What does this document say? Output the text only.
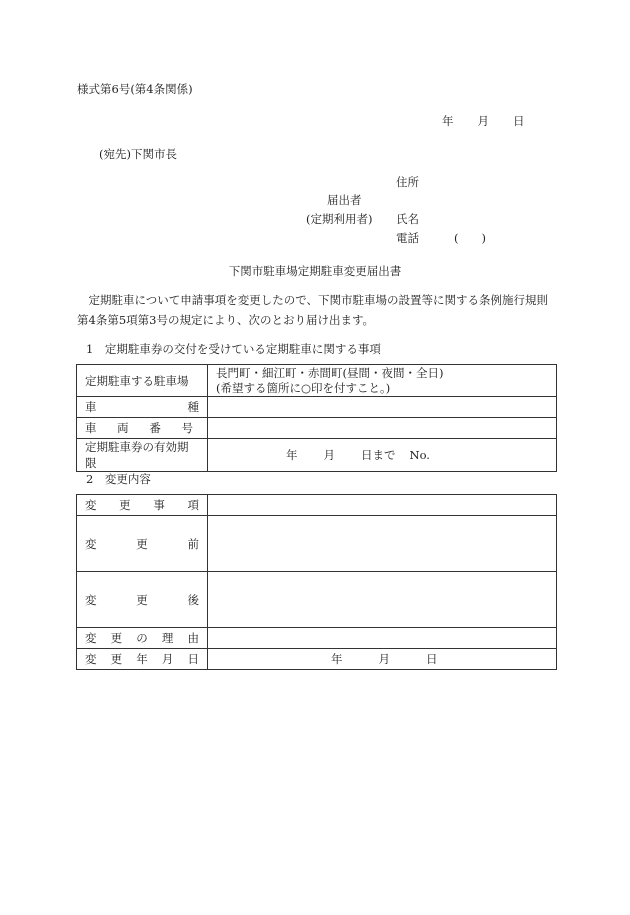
様式第6号(第4条関係)
年 月 日
(宛先)下関市長
住所
届出者
(定期利用者) 氏名
電話	(　　)
下関市駐車場定期駐車変更届出書
定期駐車について申請事項を変更したので、下関市駐車場の設置等に関する条例施行規則第4条第5項第3号の規定により、次のとおり届け出ます。
1　定期駐車券の交付を受けている定期駐車に関する事項
定期駐車する駐車場	長門町・細江町・赤間町(昼間・夜間・全日)
(希望する箇所に○印を付すこと。)

車 種	

車 両 番 号	

定期駐車券の有効期限	年 月 日まで No.
2　変更内容
変 更 事 項	

変 更 前	

変 更 後	

変 更 の 理 由	

変 更 年 月 日	年 月 日
